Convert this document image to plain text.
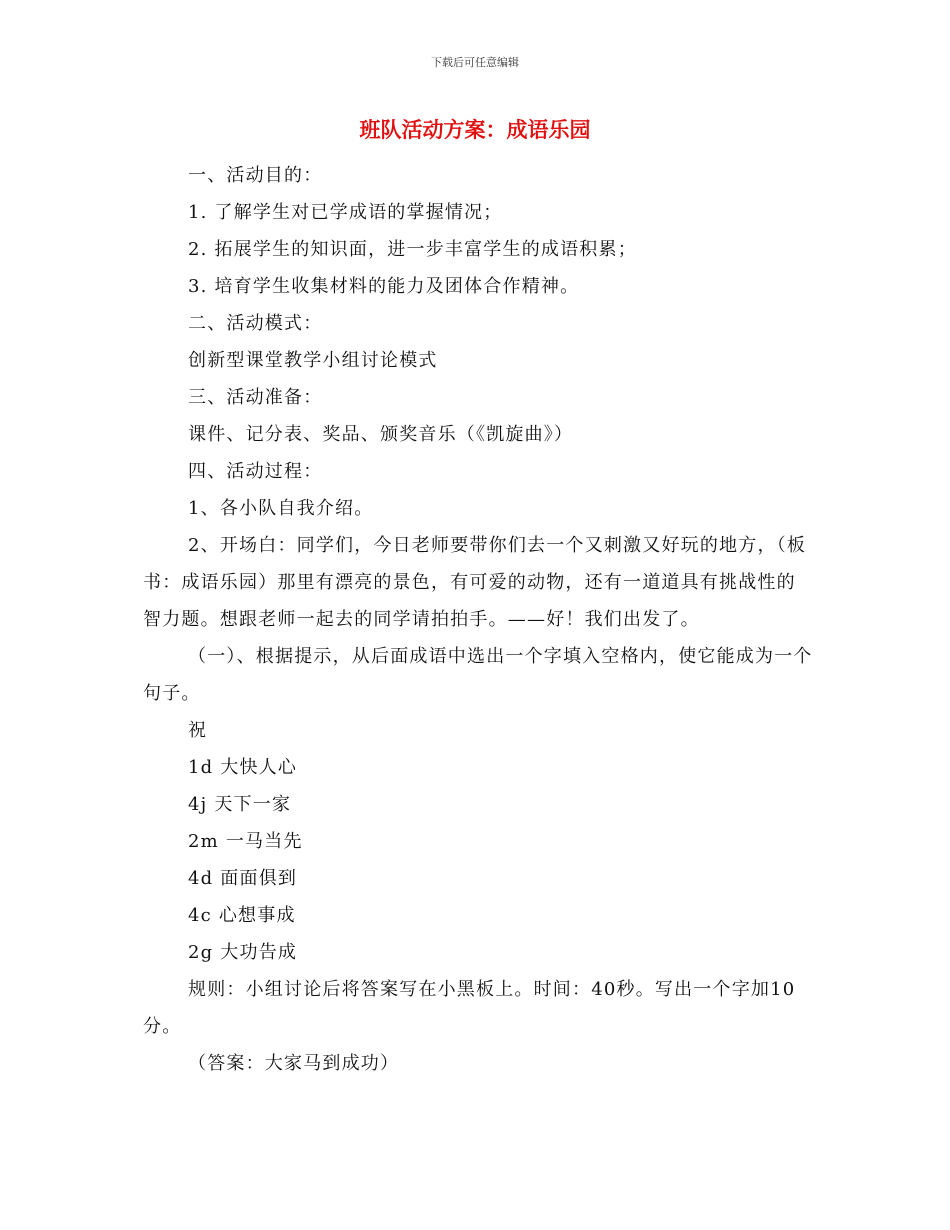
下载后可任意编辑
班队活动方案：成语乐园

一、活动目的：

1. 了解学生对已学成语的掌握情况；

2. 拓展学生的知识面，进一步丰富学生的成语积累；

3. 培育学生收集材料的能力及团体合作精神。

二、活动模式：

创新型课堂教学小组讨论模式

三、活动准备：

课件、记分表、奖品、颁奖音乐（《凯旋曲》）

四、活动过程：

1、各小队自我介绍。

2、开场白：同学们，今日老师要带你们去一个又刺激又好玩的地方，（板书：成语乐园）那里有漂亮的景色，有可爱的动物，还有一道道具有挑战性的智力题。想跟老师一起去的同学请拍拍手。——好！我们出发了。

（一）、根据提示，从后面成语中选出一个字填入空格内，使它能成为一个句子。

祝

1d 大快人心

4j 天下一家

2m 一马当先

4d 面面俱到

4c 心想事成

2g 大功告成

规则：小组讨论后将答案写在小黑板上。时间：40秒。写出一个字加10分。

（答案：大家马到成功）
